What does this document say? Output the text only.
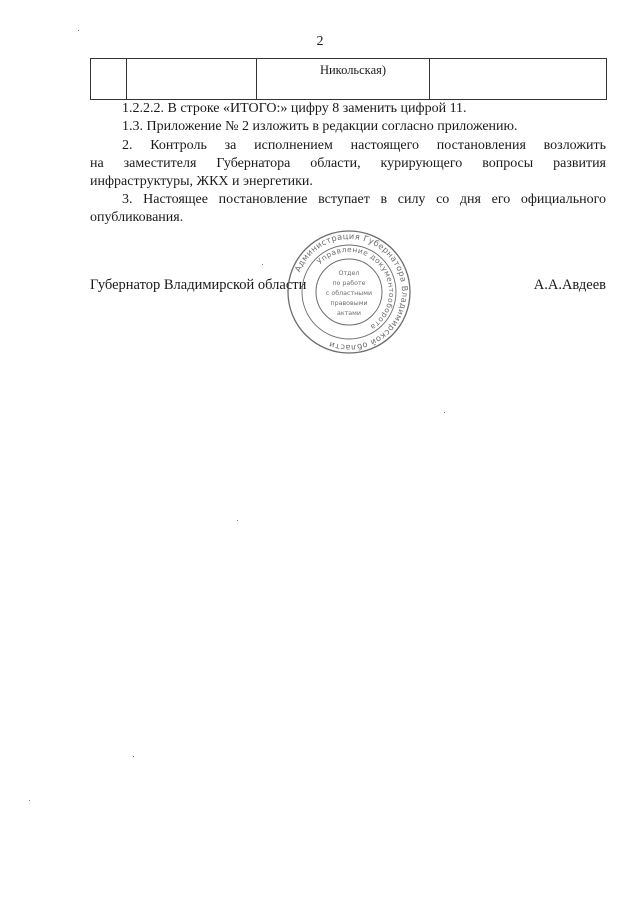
2
		Никольская)	

1.2.2.2. В строке «ИТОГО:» цифру 8 заменить цифрой 11.

1.3. Приложение № 2 изложить в редакции согласно приложению.

2. Контроль за исполнением настоящего постановления возложить

на заместителя Губернатора области, курирующего вопросы развития

инфраструктуры, ЖКХ и энергетики.

3. Настоящее постановление вступает в силу со дня его официального

опубликования.

Губернатор Владимирской области	А.А.Авдеев
Администрация Губернатора Владимирской области
Управление документооборота
Отдел
по работе
с областными
правовыми
актами
